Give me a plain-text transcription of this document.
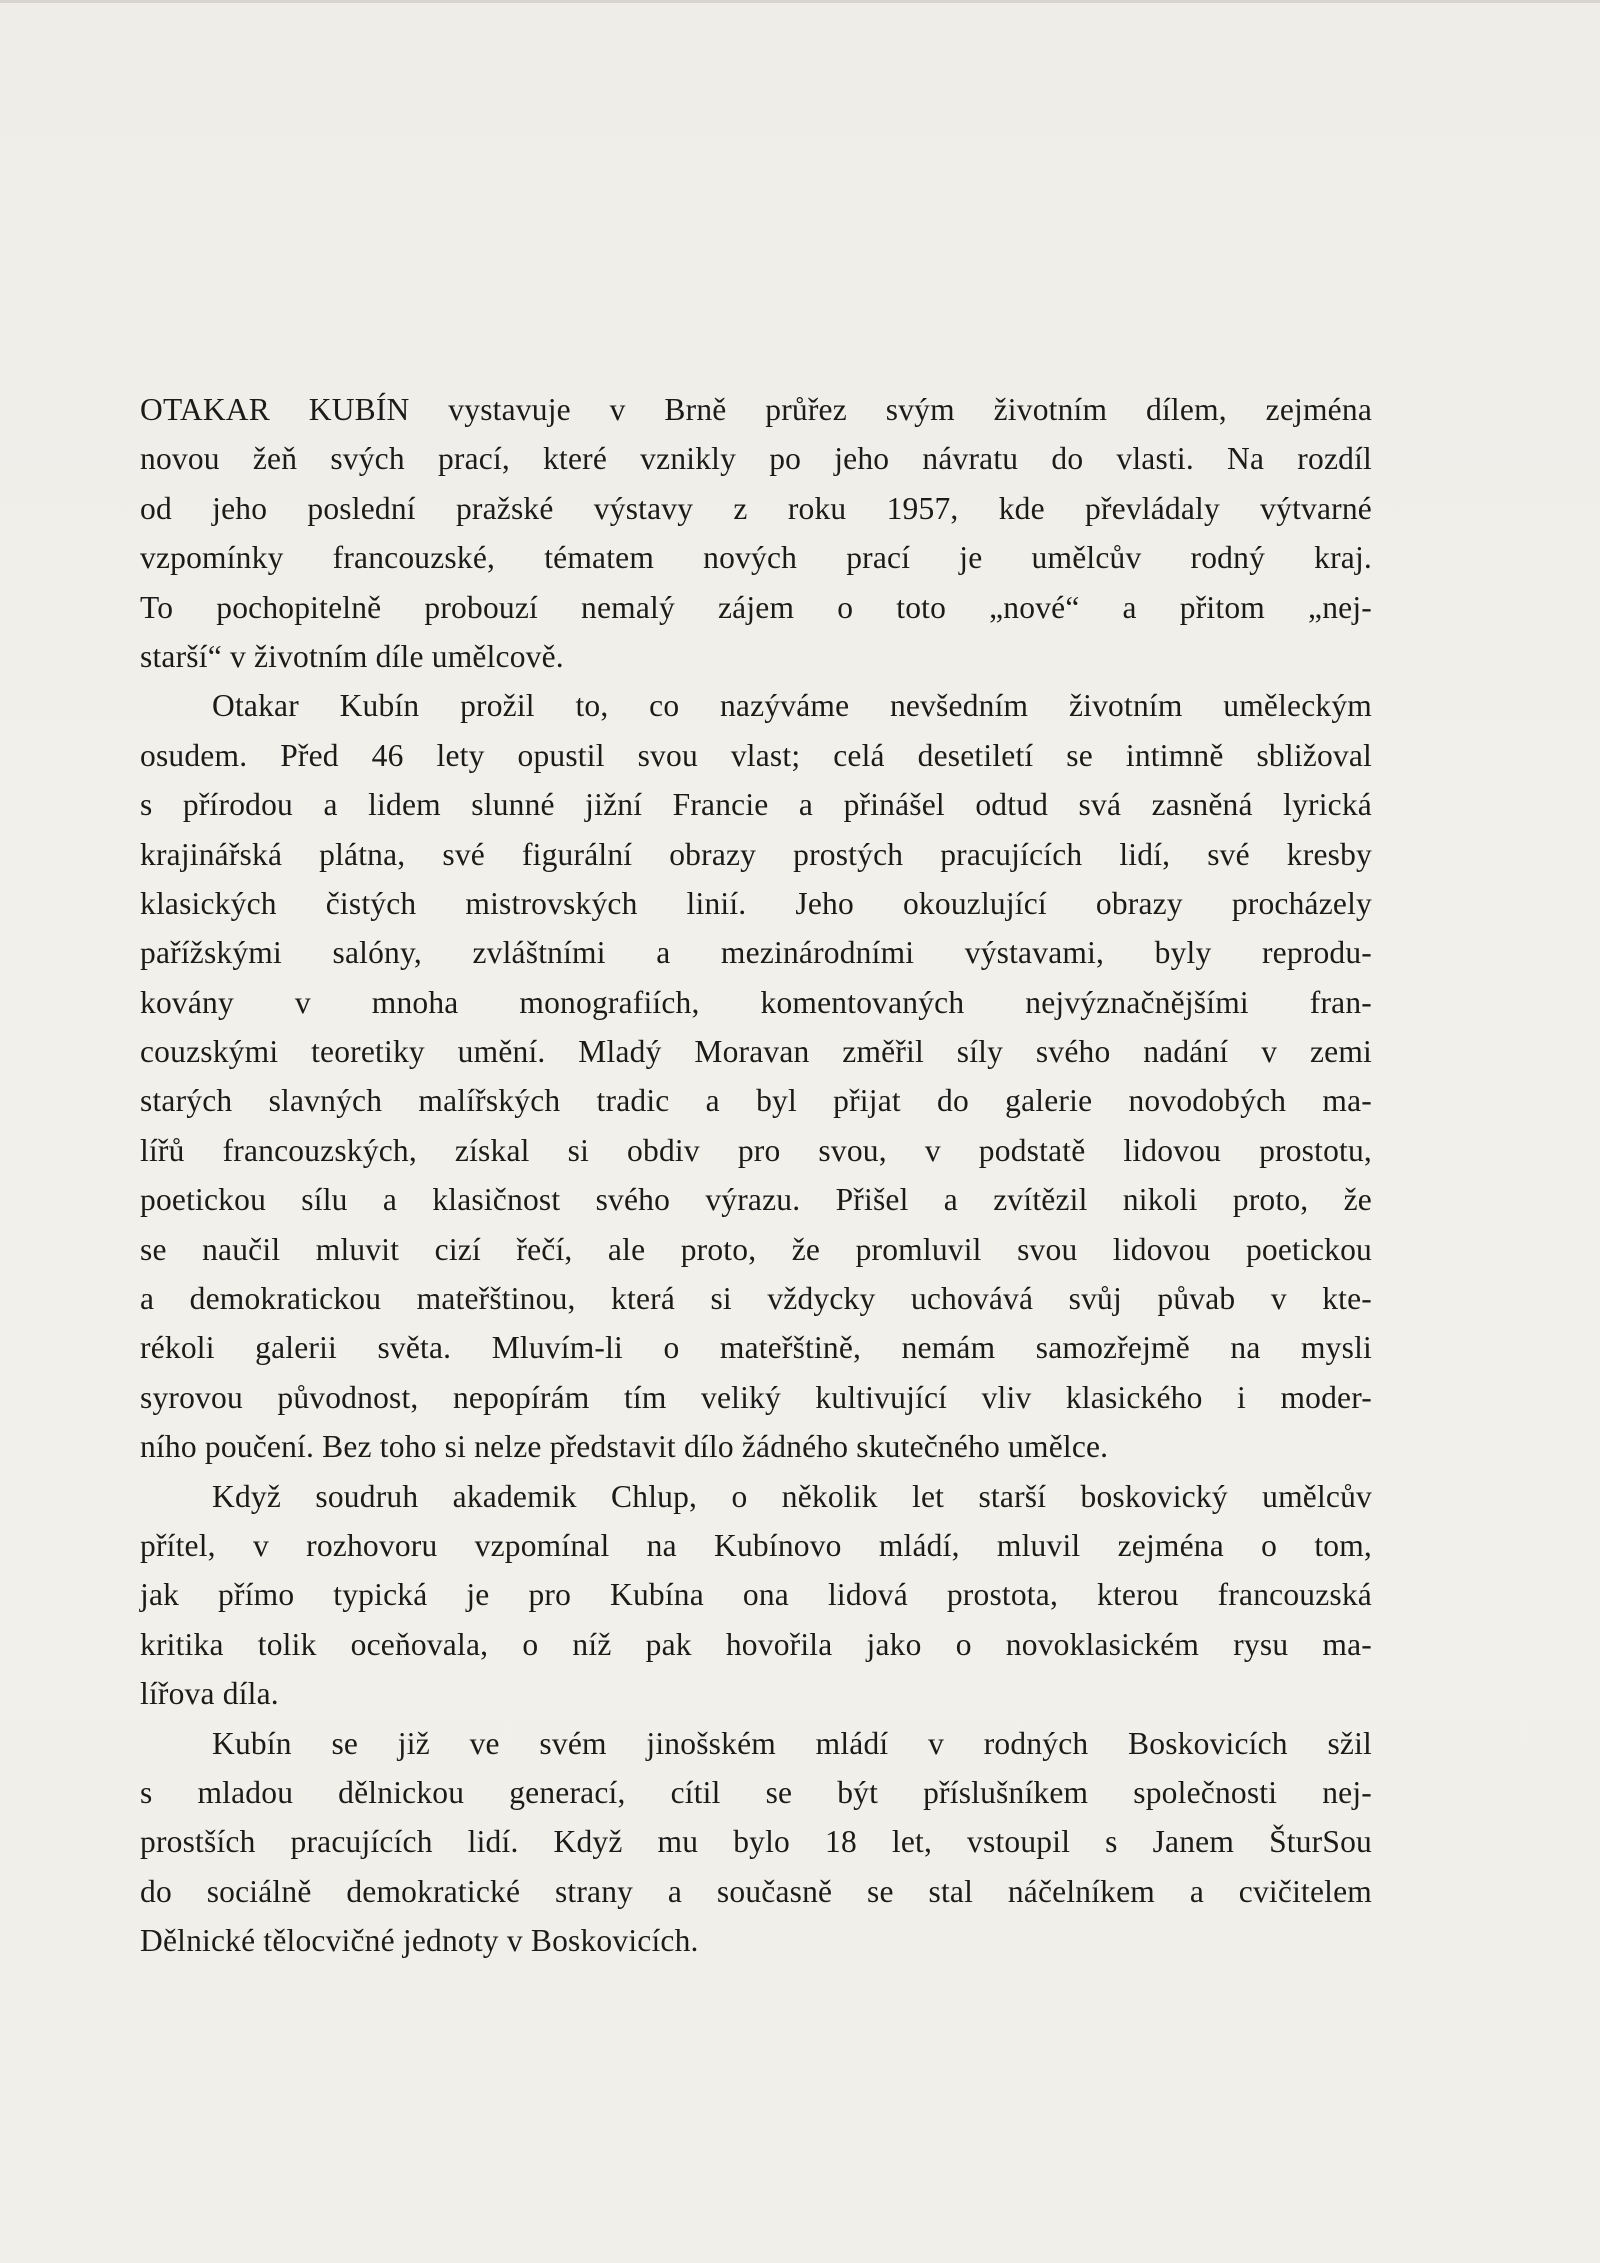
OTAKAR KUBÍN vystavuje v Brně průřez svým životním dílem, zejména
novou žeň svých prací, které vznikly po jeho návratu do vlasti. Na rozdíl
od jeho poslední pražské výstavy z roku 1957, kde převládaly výtvarné
vzpomínky francouzské, tématem nových prací je umělcův rodný kraj.
To pochopitelně probouzí nemalý zájem o toto „nové“ a přitom „nej-
starší“ v životním díle umělcově.
Otakar Kubín prožil to, co nazýváme nevšedním životním uměleckým
osudem. Před 46 lety opustil svou vlast; celá desetiletí se intimně sbližoval
s přírodou a lidem slunné jižní Francie a přinášel odtud svá zasněná lyrická
krajinářská plátna, své figurální obrazy prostých pracujících lidí, své kresby
klasických čistých mistrovských linií. Jeho okouzlující obrazy procházely
pařížskými salóny, zvláštními a mezinárodními výstavami, byly reprodu-
kovány v mnoha monografiích, komentovaných nejvýznačnějšími fran-
couzskými teoretiky umění. Mladý Moravan změřil síly svého nadání v zemi
starých slavných malířských tradic a byl přijat do galerie novodobých ma-
lířů francouzských, získal si obdiv pro svou, v podstatě lidovou prostotu,
poetickou sílu a klasičnost svého výrazu. Přišel a zvítězil nikoli proto, že
se naučil mluvit cizí řečí, ale proto, že promluvil svou lidovou poetickou
a demokratickou mateřštinou, která si vždycky uchovává svůj půvab v kte-
rékoli galerii světa. Mluvím-li o mateřštině, nemám samozřejmě na mysli
syrovou původnost, nepopírám tím veliký kultivující vliv klasického i moder-
ního poučení. Bez toho si nelze představit dílo žádného skutečného umělce.
Když soudruh akademik Chlup, o několik let starší boskovický umělcův
přítel, v rozhovoru vzpomínal na Kubínovo mládí, mluvil zejména o tom,
jak přímo typická je pro Kubína ona lidová prostota, kterou francouzská
kritika tolik oceňovala, o níž pak hovořila jako o novoklasickém rysu ma-
lířova díla.
Kubín se již ve svém jinošském mládí v rodných Boskovicích sžil
s mladou dělnickou generací, cítil se být příslušníkem společnosti nej-
prostších pracujících lidí. Když mu bylo 18 let, vstoupil s Janem ŠturSou
do sociálně demokratické strany a současně se stal náčelníkem a cvičitelem
Dělnické tělocvičné jednoty v Boskovicích.
